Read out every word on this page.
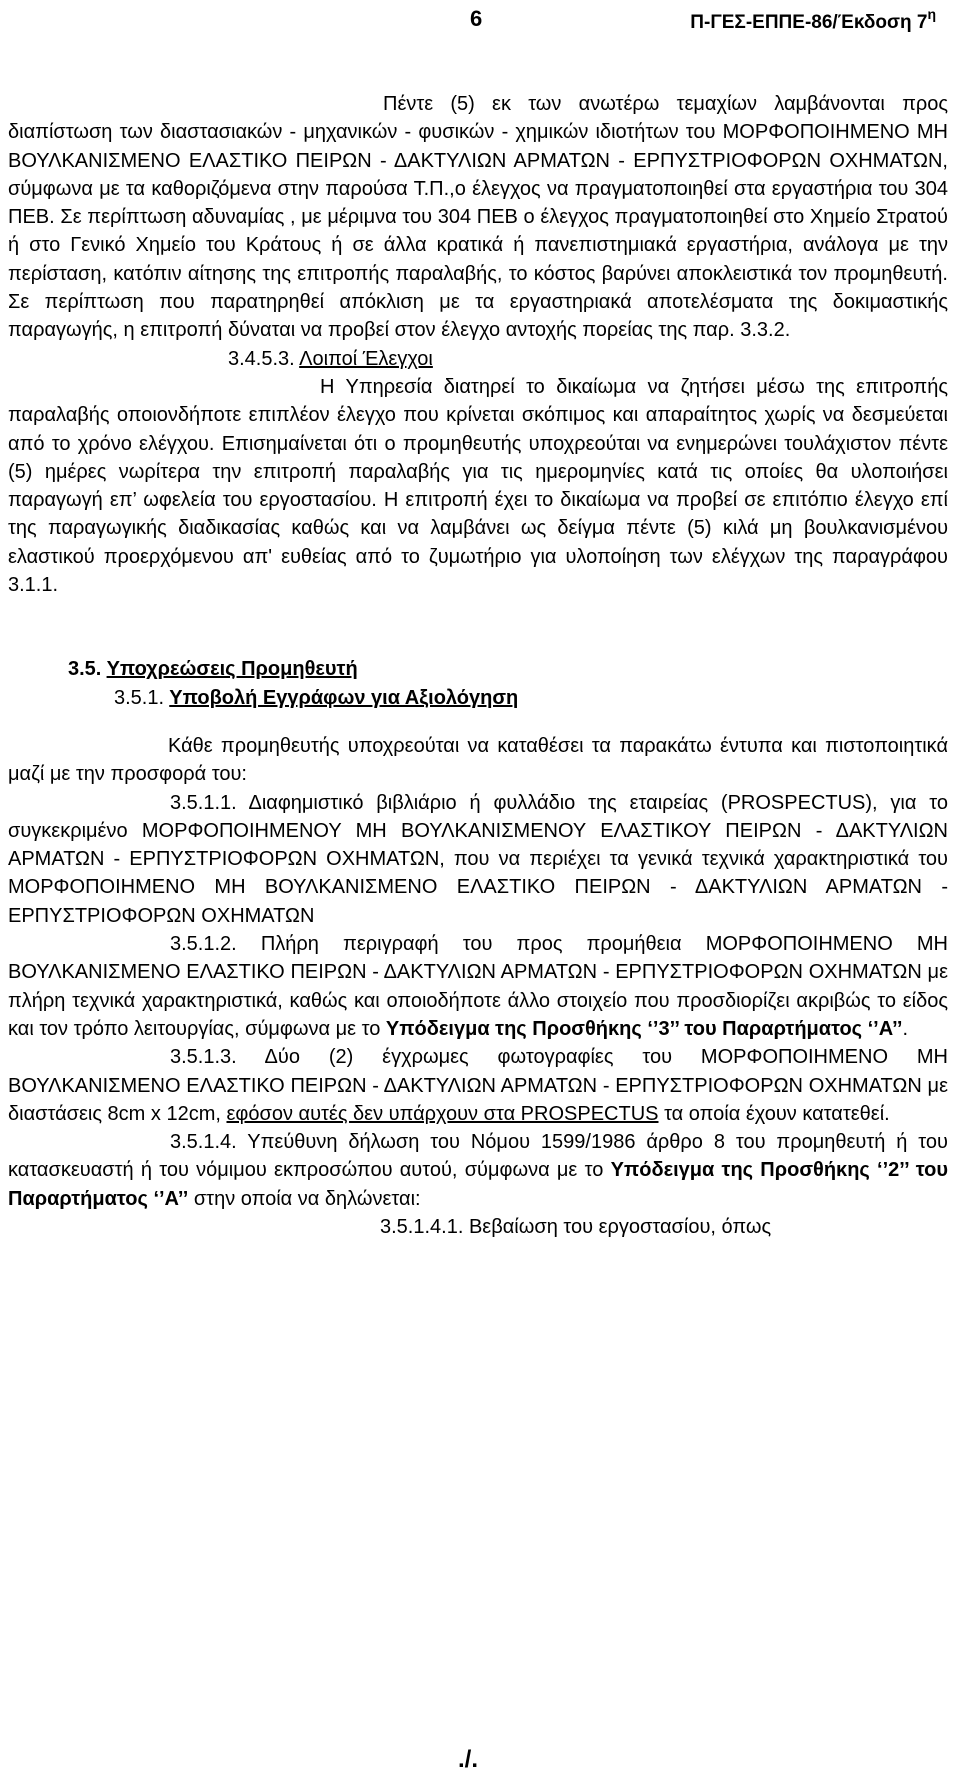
6	Π-ΓΕΣ-ΕΠΠΕ-86/Έκδοση $7^\eta$

Πέντε (5) εκ των ανωτέρω τεμαχίων λαμβάνονται προς διαπίστωση των διαστασιακών - μηχανικών - φυσικών - χημικών ιδιοτήτων του ΜΟΡΦΟΠΟΙΗΜΕΝΟ ΜΗ ΒΟΥΛΚΑΝΙΣΜΕΝΟ ΕΛΑΣΤΙΚΟ ΠΕΙΡΩΝ - ΔΑΚΤΥΛΙΩΝ ΑΡΜΑΤΩΝ - ΕΡΠΥΣΤΡΙΟΦΟΡΩΝ ΟΧΗΜΑΤΩΝ, σύμφωνα με τα καθοριζόμενα στην παρούσα Τ.Π.,ο έλεγχος να πραγματοποιηθεί στα εργαστήρια του 304 ΠΕΒ. Σε περίπτωση αδυναμίας , με μέριμνα του 304 ΠΕΒ ο έλεγχος πραγματοποιηθεί στο Χημείο Στρατού ή στο Γενικό Χημείο του Κράτους ή σε άλλα κρατικά ή πανεπιστημιακά εργαστήρια, ανάλογα με την περίσταση, κατόπιν αίτησης της επιτροπής παραλαβής, το κόστος βαρύνει αποκλειστικά τον προμηθευτή. Σε περίπτωση που παρατηρηθεί απόκλιση με τα εργαστηριακά αποτελέσματα της δοκιμαστικής παραγωγής, η επιτροπή δύναται να προβεί στον έλεγχο αντοχής πορείας της παρ. 3.3.2.

3.4.5.3. Λοιποί Έλεγχοι

Η Υπηρεσία διατηρεί το δικαίωμα να ζητήσει μέσω της επιτροπής παραλαβής οποιονδήποτε επιπλέον έλεγχο που κρίνεται σκόπιμος και απαραίτητος χωρίς να δεσμεύεται από το χρόνο ελέγχου. Επισημαίνεται ότι ο προμηθευτής υποχρεούται να ενημερώνει τουλάχιστον πέντε (5) ημέρες νωρίτερα την επιτροπή παραλαβής για τις ημερομηνίες κατά τις οποίες θα υλοποιήσει παραγωγή επ’ ωφελεία του εργοστασίου. Η επιτροπή έχει το δικαίωμα να προβεί σε επιτόπιο έλεγχο επί της παραγωγικής διαδικασίας καθώς και να λαμβάνει ως δείγμα πέντε (5) κιλά μη βουλκανισμένου ελαστικού προερχόμενου απ' ευθείας από το ζυμωτήριο για υλοποίηση των ελέγχων της παραγράφου 3.1.1.

3.5. Υποχρεώσεις Προμηθευτή

3.5.1. Υποβολή Εγγράφων για Αξιολόγηση

Κάθε προμηθευτής υποχρεούται να καταθέσει τα παρακάτω έντυπα και πιστοποιητικά μαζί με την προσφορά του:

3.5.1.1. Διαφημιστικό βιβλιάριο ή φυλλάδιο της εταιρείας (PROSPECTUS), για το συγκεκριμένο ΜΟΡΦΟΠΟΙΗΜΕΝΟΥ ΜΗ ΒΟΥΛΚΑΝΙΣΜΕΝΟΥ ΕΛΑΣΤΙΚΟΥ ΠΕΙΡΩΝ - ΔΑΚΤΥΛΙΩΝ ΑΡΜΑΤΩΝ - ΕΡΠΥΣΤΡΙΟΦΟΡΩΝ ΟΧΗΜΑΤΩΝ, που να περιέχει τα γενικά τεχνικά χαρακτηριστικά του ΜΟΡΦΟΠΟΙΗΜΕΝΟ ΜΗ ΒΟΥΛΚΑΝΙΣΜΕΝΟ ΕΛΑΣΤΙΚΟ ΠΕΙΡΩΝ - ΔΑΚΤΥΛΙΩΝ ΑΡΜΑΤΩΝ - ΕΡΠΥΣΤΡΙΟΦΟΡΩΝ ΟΧΗΜΑΤΩΝ

3.5.1.2. Πλήρη περιγραφή του προς προμήθεια ΜΟΡΦΟΠΟΙΗΜΕΝΟ ΜΗ ΒΟΥΛΚΑΝΙΣΜΕΝΟ ΕΛΑΣΤΙΚΟ ΠΕΙΡΩΝ - ΔΑΚΤΥΛΙΩΝ ΑΡΜΑΤΩΝ - ΕΡΠΥΣΤΡΙΟΦΟΡΩΝ ΟΧΗΜΑΤΩΝ με πλήρη τεχνικά χαρακτηριστικά, καθώς και οποιοδήποτε άλλο στοιχείο που προσδιορίζει ακριβώς το είδος και τον τρόπο λειτουργίας, σύμφωνα με το Υπόδειγμα της Προσθήκης ‘’3’’ του Παραρτήματος ‘’Α’’.

3.5.1.3. Δύο (2) έγχρωμες φωτογραφίες του ΜΟΡΦΟΠΟΙΗΜΕΝΟ ΜΗ ΒΟΥΛΚΑΝΙΣΜΕΝΟ ΕΛΑΣΤΙΚΟ ΠΕΙΡΩΝ - ΔΑΚΤΥΛΙΩΝ ΑΡΜΑΤΩΝ - ΕΡΠΥΣΤΡΙΟΦΟΡΩΝ ΟΧΗΜΑΤΩΝ με διαστάσεις 8cm x 12cm, εφόσον αυτές δεν υπάρχουν στα PROSPECTUS τα οποία έχουν κατατεθεί.

3.5.1.4. Υπεύθυνη δήλωση του Νόμου 1599/1986 άρθρο 8 του προμηθευτή ή του κατασκευαστή ή του νόμιμου εκπροσώπου αυτού, σύμφωνα με το Υπόδειγμα της Προσθήκης ‘’2’’ του Παραρτήματος ‘’Α’’ στην οποία να δηλώνεται:

3.5.1.4.1. Βεβαίωση του εργοστασίου, όπως

./.
